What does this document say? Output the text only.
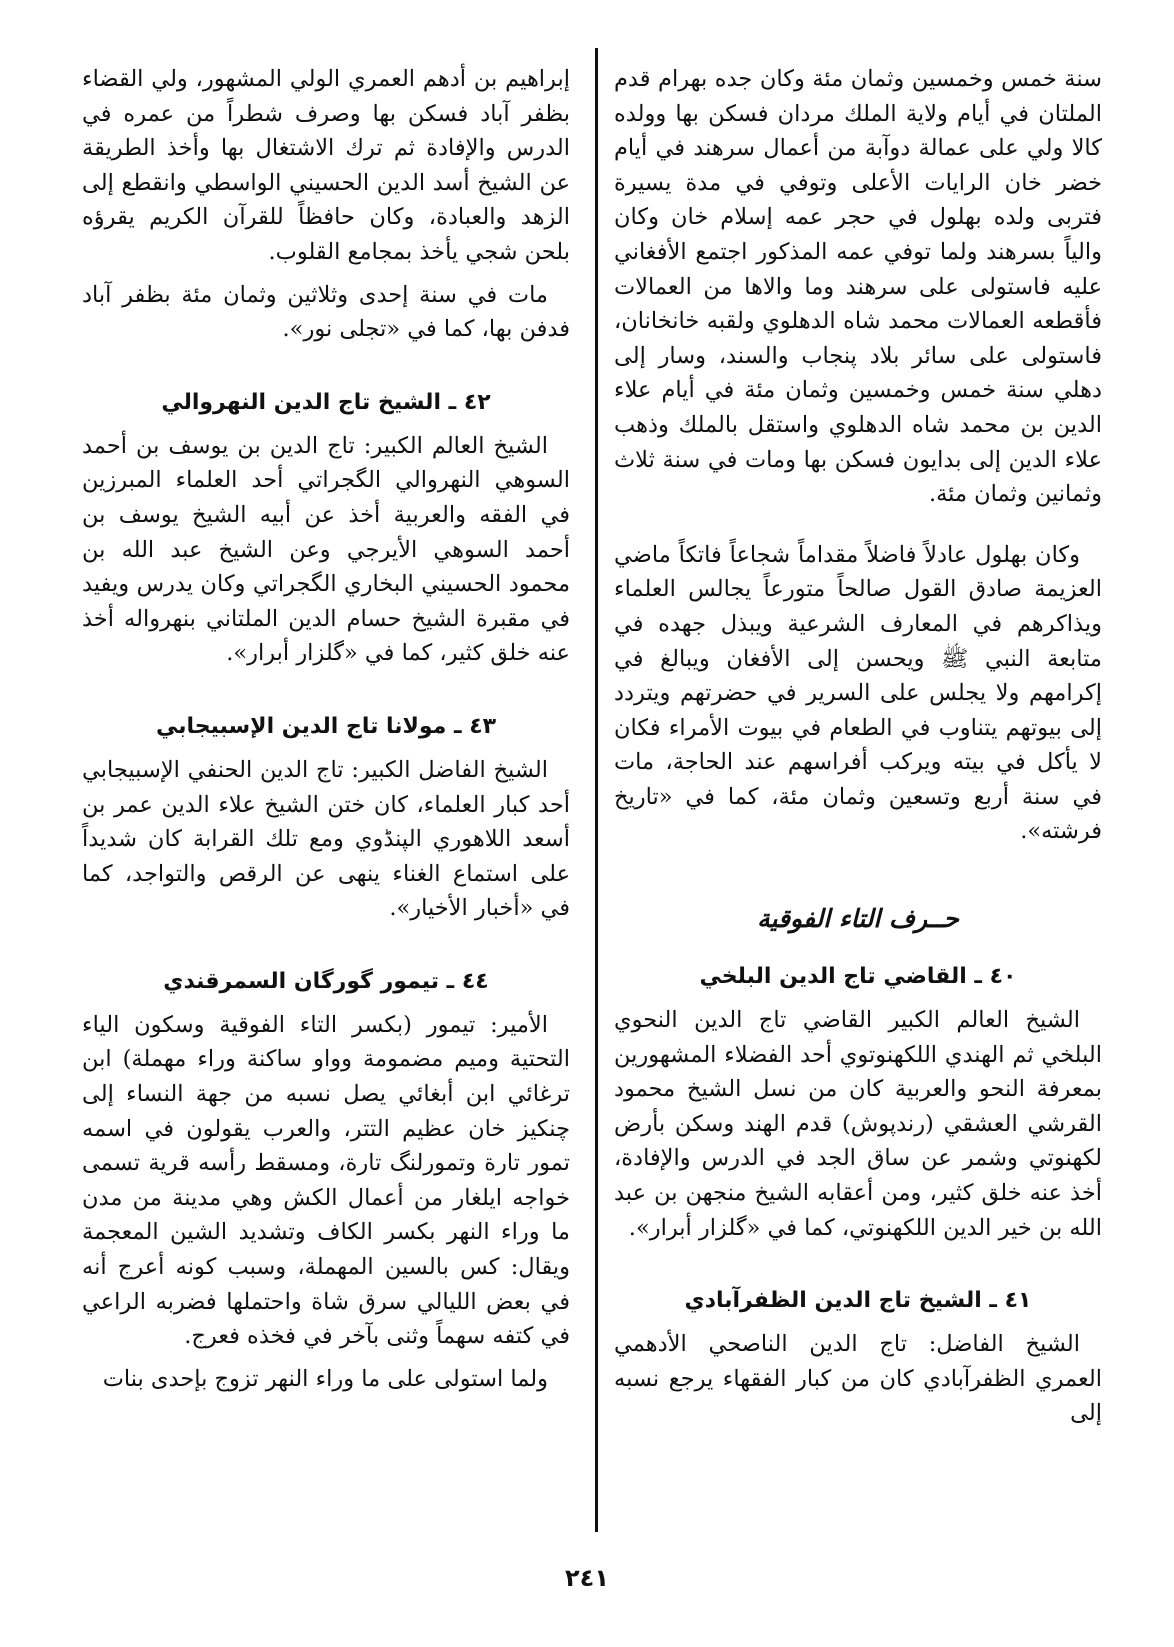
سنة خمس وخمسين وثمان مئة وكان جده بهرام قدم الملتان في أيام ولاية الملك مردان فسكن بها وولده كالا ولي على عمالة دوآبة من أعمال سرهند في أيام خضر خان الرايات الأعلى وتوفي في مدة يسيرة فتربى ولده بهلول في حجر عمه إسلام خان وكان والياً بسرهند ولما توفي عمه المذكور اجتمع الأفغاني عليه فاستولى على سرهند وما والاها من العمالات فأقطعه العمالات محمد شاه الدهلوي ولقبه خانخانان، فاستولى على سائر بلاد پنجاب والسند، وسار إلى دهلي سنة خمس وخمسين وثمان مئة في أيام علاء الدين بن محمد شاه الدهلوي واستقل بالملك وذهب علاء الدين إلى بدايون فسكن بها ومات في سنة ثلاث وثمانين وثمان مئة.

وكان بهلول عادلاً فاضلاً مقداماً شجاعاً فاتكاً ماضي العزيمة صادق القول صالحاً متورعاً يجالس العلماء ويذاكرهم في المعارف الشرعية ويبذل جهده في متابعة النبي ﷺ ويحسن إلى الأفغان ويبالغ في إكرامهم ولا يجلس على السرير في حضرتهم ويتردد إلى بيوتهم يتناوب في الطعام في بيوت الأمراء فكان لا يأكل في بيته ويركب أفراسهم عند الحاجة، مات في سنة أربع وتسعين وثمان مئة، كما في «تاريخ فرشته».

حــرف التاء الفوقية
٤٠ ـ القاضي تاج الدين البلخي

الشيخ العالم الكبير القاضي تاج الدين النحوي البلخي ثم الهندي اللكهنوتوي أحد الفضلاء المشهورين بمعرفة النحو والعربية كان من نسل الشيخ محمود القرشي العشقي (رندپوش) قدم الهند وسكن بأرض لكهنوتي وشمر عن ساق الجد في الدرس والإفادة، أخذ عنه خلق كثير، ومن أعقابه الشيخ منجهن بن عبد الله بن خير الدين اللكهنوتي، كما في «گلزار أبرار».

٤١ ـ الشيخ تاج الدين الظفرآبادي

الشيخ الفاضل: تاج الدين الناصحي الأدهمي العمري الظفرآبادي كان من كبار الفقهاء يرجع نسبه إلى

إبراهيم بن أدهم العمري الولي المشهور، ولي القضاء بظفر آباد فسكن بها وصرف شطراً من عمره في الدرس والإفادة ثم ترك الاشتغال بها وأخذ الطريقة عن الشيخ أسد الدين الحسيني الواسطي وانقطع إلى الزهد والعبادة، وكان حافظاً للقرآن الكريم يقرؤه بلحن شجي يأخذ بمجامع القلوب.

مات في سنة إحدى وثلاثين وثمان مئة بظفر آباد فدفن بها، كما في «تجلى نور».

٤٢ ـ الشيخ تاج الدين النهروالي

الشيخ العالم الكبير: تاج الدين بن يوسف بن أحمد السوهي النهروالي الگجراتي أحد العلماء المبرزين في الفقه والعربية أخذ عن أبيه الشيخ يوسف بن أحمد السوهي الأيرجي وعن الشيخ عبد الله بن محمود الحسيني البخاري الگجراتي وكان يدرس ويفيد في مقبرة الشيخ حسام الدين الملتاني بنهرواله أخذ عنه خلق كثير، كما في «گلزار أبرار».

٤٣ ـ مولانا تاج الدين الإسبيجابي

الشيخ الفاضل الكبير: تاج الدين الحنفي الإسبيجابي أحد كبار العلماء، كان ختن الشيخ علاء الدين عمر بن أسعد اللاهوري الپنڈوي ومع تلك القرابة كان شديداً على استماع الغناء ينهى عن الرقص والتواجد، كما في «أخبار الأخيار».

٤٤ ـ تيمور گورگان السمرقندي

الأمير: تيمور (بكسر التاء الفوقية وسكون الياء التحتية وميم مضمومة وواو ساكنة وراء مهملة) ابن ترغائي ابن أبغائي يصل نسبه من جهة النساء إلى چنكيز خان عظيم التتر، والعرب يقولون في اسمه تمور تارة وتمورلنگ تارة، ومسقط رأسه قرية تسمى خواجه ايلغار من أعمال الكش وهي مدينة من مدن ما وراء النهر بكسر الكاف وتشديد الشين المعجمة ويقال: كس بالسين المهملة، وسبب كونه أعرج أنه في بعض الليالي سرق شاة واحتملها فضربه الراعي في كتفه سهماً وثنى بآخر في فخذه فعرج.

ولما استولى على ما وراء النهر تزوج بإحدى بنات

٢٤١
